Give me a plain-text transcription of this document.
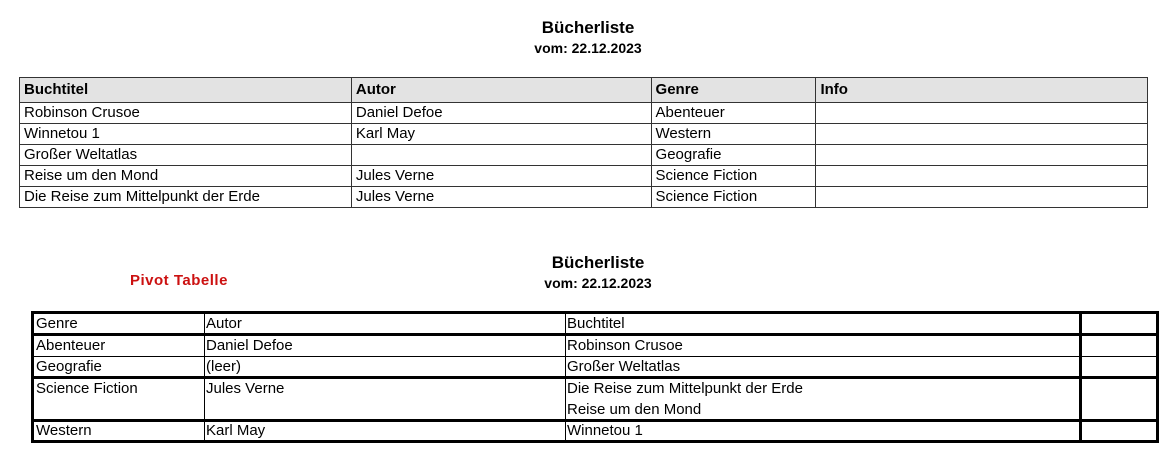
Bücherliste
vom: 22.12.2023
Buchtitel	Autor	Genre	Info
Robinson Crusoe	Daniel Defoe	Abenteuer	
Winnetou 1	Karl May	Western	
Großer Weltatlas		Geografie	
Reise um den Mond	Jules Verne	Science Fiction	
Die Reise zum Mittelpunkt der Erde	Jules Verne	Science Fiction	
Pivot Tabelle
Bücherliste
vom: 22.12.2023
Genre	Autor	Buchtitel
Abenteuer	Daniel Defoe	Robinson Crusoe
Geografie	(leer)	Großer Weltatlas
Science Fiction	Jules Verne	Die Reise zum Mittelpunkt der Erde
Reise um den Mond
Western	Karl May	Winnetou 1
